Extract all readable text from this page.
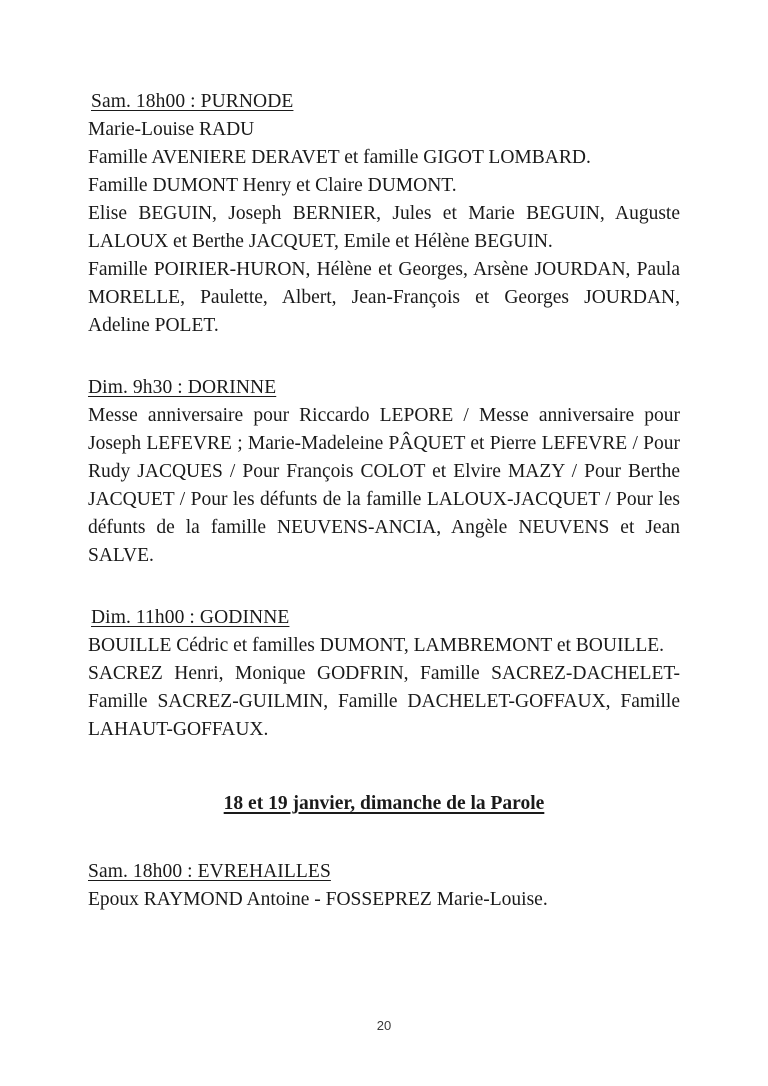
Sam. 18h00 : PURNODE

Marie-Louise RADU

Famille AVENIERE DERAVET et famille GIGOT LOMBARD.

Famille DUMONT Henry et Claire DUMONT.

Elise BEGUIN, Joseph BERNIER, Jules et Marie BEGUIN, Auguste LALOUX et Berthe JACQUET, Emile et Hélène BEGUIN.

Famille POIRIER-HURON, Hélène et Georges, Arsène JOURDAN, Paula MORELLE, Paulette, Albert, Jean-François et Georges JOURDAN, Adeline POLET.

Dim. 9h30 : DORINNE

Messe anniversaire pour Riccardo LEPORE / Messe anniversaire pour Joseph LEFEVRE ; Marie-Madeleine PÂQUET et Pierre LEFEVRE / Pour Rudy JACQUES / Pour François COLOT et Elvire MAZY / Pour Berthe JACQUET / Pour les défunts de la famille LALOUX-JACQUET / Pour les défunts de la famille NEUVENS-ANCIA, Angèle NEUVENS et Jean SALVE.

Dim. 11h00 : GODINNE

BOUILLE Cédric et familles DUMONT, LAMBREMONT et BOUILLE.

SACREZ Henri, Monique GODFRIN, Famille SACREZ-DACHELET-Famille SACREZ-GUILMIN, Famille DACHELET-GOFFAUX, Famille LAHAUT-GOFFAUX.

18 et 19 janvier, dimanche de la Parole
Sam. 18h00 : EVREHAILLES

Epoux RAYMOND Antoine - FOSSEPREZ Marie-Louise.

20
